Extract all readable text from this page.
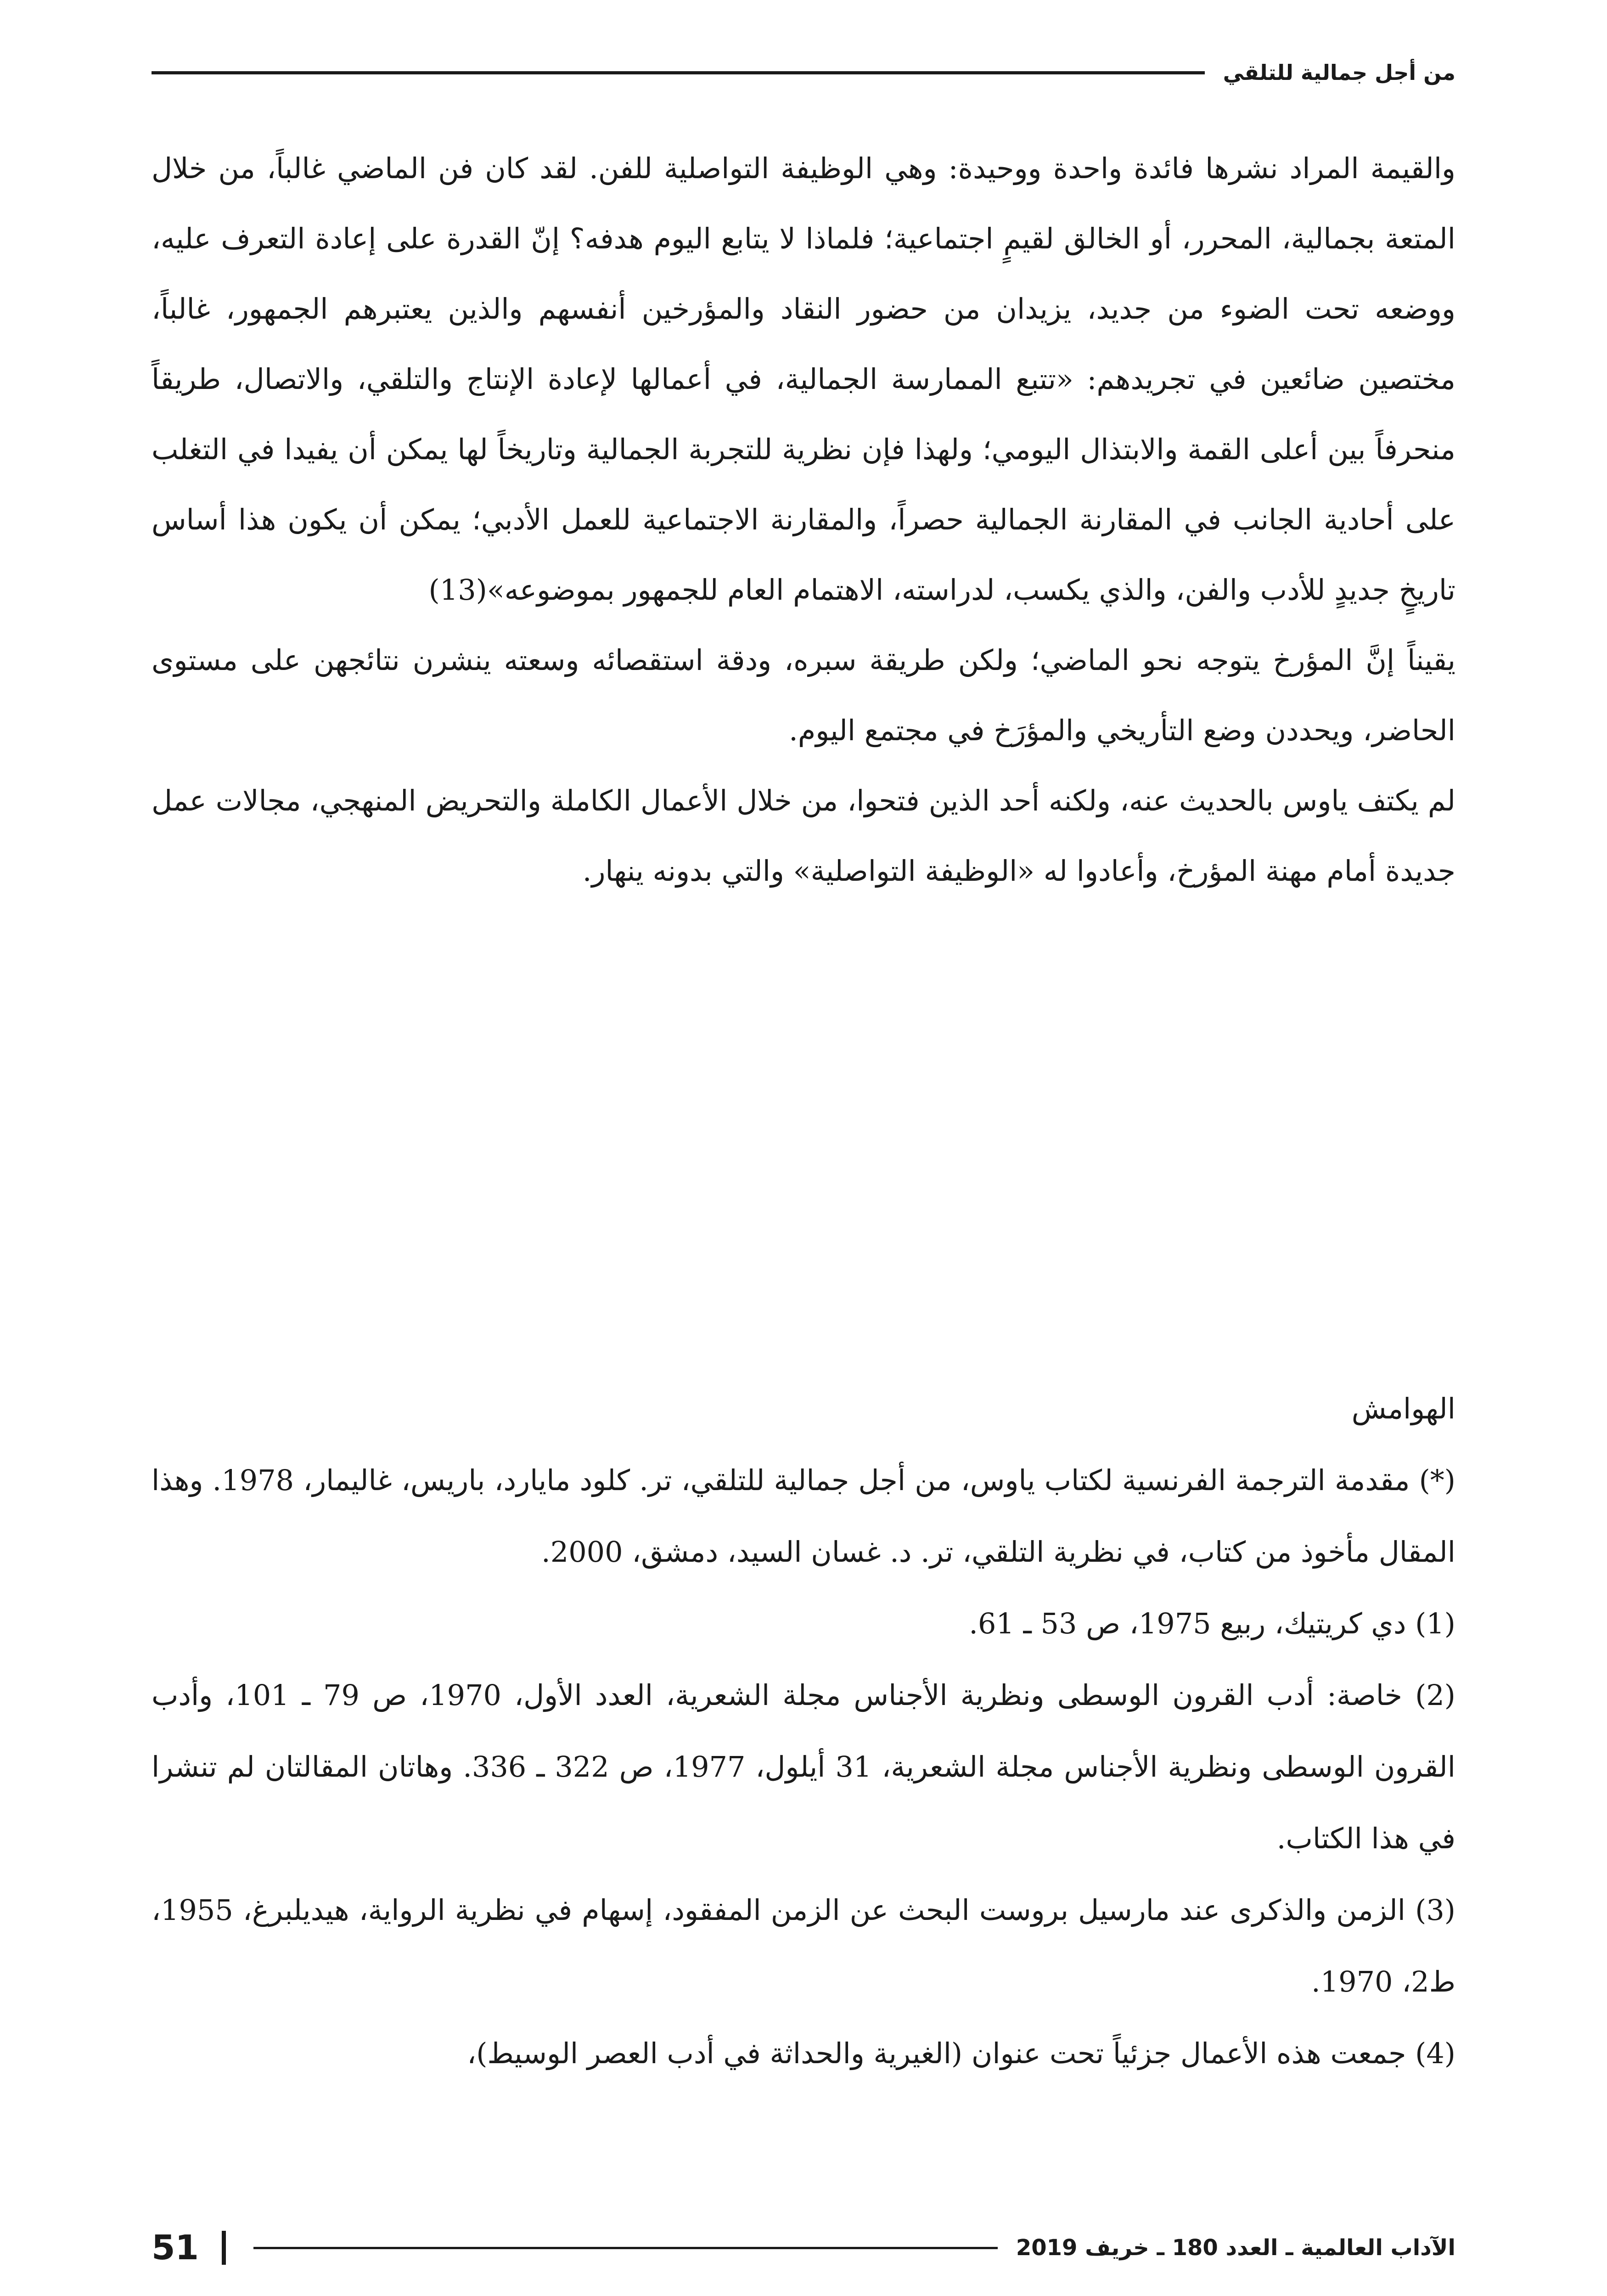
من أجل جمالية للتلقي

والقيمة المراد نشرها فائدة واحدة ووحيدة: وهي الوظيفة التواصلية للفن. لقد كان فن الماضي غالباً، من خلال المتعة بجمالية، المحرر، أو الخالق لقيمٍ اجتماعية؛ فلماذا لا يتابع اليوم هدفه؟ إنّ القدرة على إعادة التعرف عليه، ووضعه تحت الضوء من جديد، يزيدان من حضور النقاد والمؤرخين أنفسهم والذين يعتبرهم الجمهور، غالباً، مختصين ضائعين في تجريدهم: «تتبع الممارسة الجمالية، في أعمالها لإعادة الإنتاج والتلقي، والاتصال، طريقاً منحرفاً بين أعلى القمة والابتذال اليومي؛ ولهذا فإن نظرية للتجربة الجمالية وتاريخاً لها يمكن أن يفيدا في التغلب على أحادية الجانب في المقارنة الجمالية حصراً، والمقارنة الاجتماعية للعمل الأدبي؛ يمكن أن يكون هذا أساس تاريخٍ جديدٍ للأدب والفن، والذي يكسب، لدراسته، الاهتمام العام للجمهور بموضوعه»(13)

يقيناً إنَّ المؤرخ يتوجه نحو الماضي؛ ولكن طريقة سبره، ودقة استقصائه وسعته ينشرن نتائجهن على مستوى الحاضر، ويحددن وضع التأريخي والمؤرَخ في مجتمع اليوم.

لم يكتف ياوس بالحديث عنه، ولكنه أحد الذين فتحوا، من خلال الأعمال الكاملة والتحريض المنهجي، مجالات عمل جديدة أمام مهنة المؤرخ، وأعادوا له «الوظيفة التواصلية» والتي بدونه ينهار.

الهوامش

(*) مقدمة الترجمة الفرنسية لكتاب ياوس، من أجل جمالية للتلقي، تر. كلود مايارد، باريس، غاليمار، 1978. وهذا المقال مأخوذ من كتاب، في نظرية التلقي، تر. د. غسان السيد، دمشق، 2000.

(1) دي كريتيك، ربيع 1975، ص 53 ـ 61.

(2) خاصة: أدب القرون الوسطى ونظرية الأجناس مجلة الشعرية، العدد الأول، 1970، ص 79 ـ 101، وأدب القرون الوسطى ونظرية الأجناس مجلة الشعرية، 31 أيلول، 1977، ص 322 ـ 336. وهاتان المقالتان لم تنشرا في هذا الكتاب.

(3) الزمن والذكرى عند مارسيل بروست البحث عن الزمن المفقود، إسهام في نظرية الرواية، هيديلبرغ، 1955، ط2، 1970.

(4) جمعت هذه الأعمال جزئياً تحت عنوان (الغيرية والحداثة في أدب العصر الوسيط)،

51	الآداب العالمية ـ العدد 180 ـ خريف 2019
